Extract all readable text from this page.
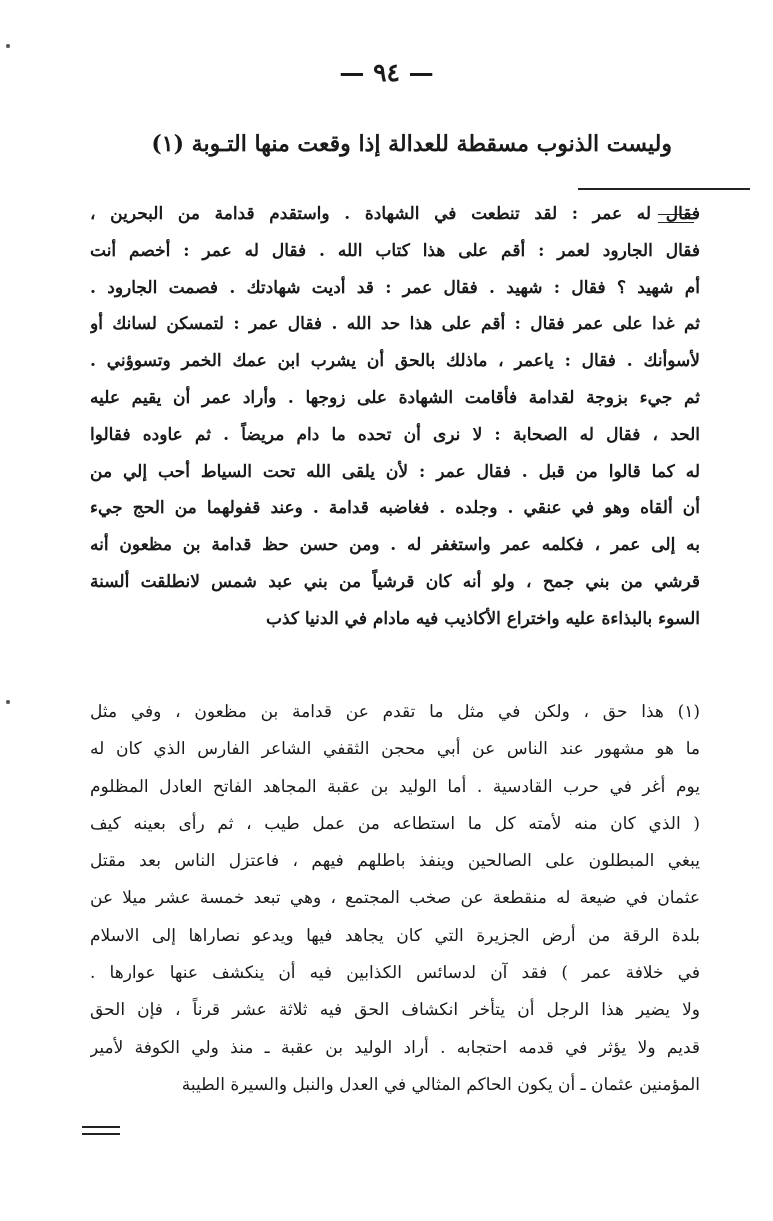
— ٩٤ —
وليست الذنوب مسقطة للعدالة إذا وقعت منها التـوبة (١)
فقال له عمر : لقد تنطعت في الشهادة . واستقدم قدامة من البحرين ،
فقال الجارود لعمر : أقم على هذا كتاب الله . فقال له عمر : أخصم أنت
أم شهيد ؟ فقال : شهيد . فقال عمر : قد أديت شهادتك . فصمت الجارود .
ثم غدا على عمر فقال : أقم على هذا حد الله . فقال عمر : لتمسكن لسانك أو
لأسوأنك . فقال : ياعمر ، ماذلك بالحق أن يشرب ابن عمك الخمر وتسوؤني .
ثم جيء بزوجة لقدامة فأقامت الشهادة على زوجها . وأراد عمر أن يقيم عليه
الحد ، فقال له الصحابة : لا نرى أن تحده ما دام مريضاً . ثم عاوده فقالوا
له كما قالوا من قبل . فقال عمر : لأن يلقى الله تحت السياط أحب إلي من
أن ألقاه وهو في عنقي . وجلده . فغاضبه قدامة . وعند قفولهما من الحج جيء
به إلى عمر ، فكلمه عمر واستغفر له . ومن حسن حظ قدامة بن مظعون أنه
قرشي من بني جمح ، ولو أنه كان قرشياً من بني عبد شمس لانطلقت ألسنة
السوء بالبذاءة عليه واختراع الأكاذيب فيه مادام في الدنيا كذب
(١) هذا حق ، ولكن في مثل ما تقدم عن قدامة بن مظعون ، وفي مثل
ما هو مشهور عند الناس عن أبي محجن الثقفي الشاعر الفارس الذي كان له
يوم أغر في حرب القادسية . أما الوليد بن عقبة المجاهد الفاتح العادل المظلوم
( الذي كان منه لأمته كل ما استطاعه من عمل طيب ، ثم رأى بعينه كيف
يبغي المبطلون على الصالحين وينفذ باطلهم فيهم ، فاعتزل الناس بعد مقتل
عثمان في ضيعة له منقطعة عن صخب المجتمع ، وهي تبعد خمسة عشر ميلا عن
بلدة الرقة من أرض الجزيرة التي كان يجاهد فيها ويدعو نصاراها إلى الاسلام
في خلافة عمر ) فقد آن لدسائس الكذابين فيه أن ينكشف عنها عوارها .
ولا يضير هذا الرجل أن يتأخر انكشاف الحق فيه ثلاثة عشر قرناً ، فإن الحق
قديم ولا يؤثر في قدمه احتجابه . أراد الوليد بن عقبة ـ منذ ولي الكوفة لأمير
المؤمنين عثمان ـ أن يكون الحاكم المثالي في العدل والنبل والسيرة الطيبة
